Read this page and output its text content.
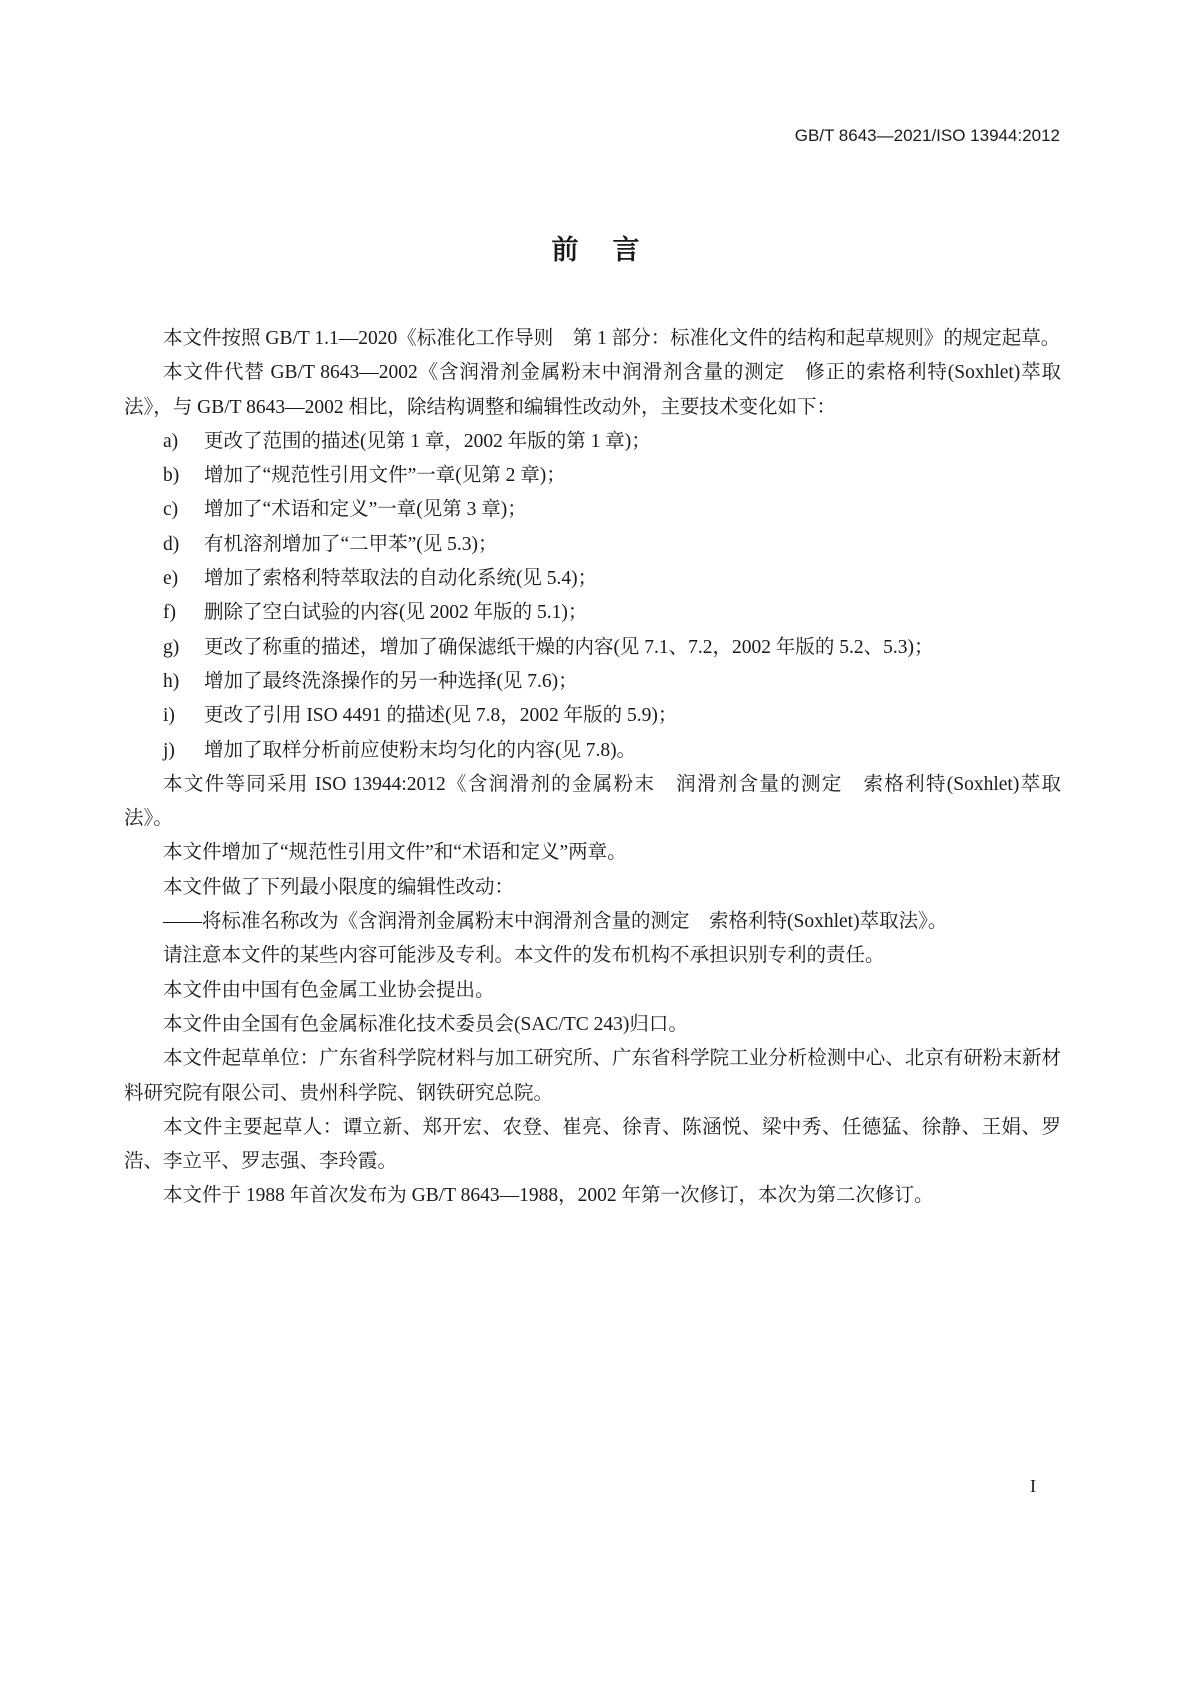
GB/T 8643—2021/ISO 13944:2012
前言

本文件按照 GB/T 1.1—2020《标准化工作导则　第 1 部分：标准化文件的结构和起草规则》的规定起草。

本文件代替 GB/T 8643—2002《含润滑剂金属粉末中润滑剂含量的测定　修正的索格利特(Soxhlet)萃取法》，与 GB/T 8643—2002 相比，除结构调整和编辑性改动外，主要技术变化如下：

a) 更改了范围的描述(见第 1 章，2002 年版的第 1 章)；

b) 增加了“规范性引用文件”一章(见第 2 章)；

c) 增加了“术语和定义”一章(见第 3 章)；

d) 有机溶剂增加了“二甲苯”(见 5.3)；

e) 增加了索格利特萃取法的自动化系统(见 5.4)；

f) 删除了空白试验的内容(见 2002 年版的 5.1)；

g) 更改了称重的描述，增加了确保滤纸干燥的内容(见 7.1、7.2，2002 年版的 5.2、5.3)；

h) 增加了最终洗涤操作的另一种选择(见 7.6)；

i) 更改了引用 ISO 4491 的描述(见 7.8，2002 年版的 5.9)；

j) 增加了取样分析前应使粉末均匀化的内容(见 7.8)。

本文件等同采用 ISO 13944:2012《含润滑剂的金属粉末　润滑剂含量的测定　索格利特(Soxhlet)萃取法》。

本文件增加了“规范性引用文件”和“术语和定义”两章。

本文件做了下列最小限度的编辑性改动：

——将标准名称改为《含润滑剂金属粉末中润滑剂含量的测定　索格利特(Soxhlet)萃取法》。

请注意本文件的某些内容可能涉及专利。本文件的发布机构不承担识别专利的责任。

本文件由中国有色金属工业协会提出。

本文件由全国有色金属标准化技术委员会(SAC/TC 243)归口。

本文件起草单位：广东省科学院材料与加工研究所、广东省科学院工业分析检测中心、北京有研粉末新材料研究院有限公司、贵州科学院、钢铁研究总院。

本文件主要起草人：谭立新、郑开宏、农登、崔亮、徐青、陈涵悦、梁中秀、任德猛、徐静、王娟、罗浩、李立平、罗志强、李玲霞。

本文件于 1988 年首次发布为 GB/T 8643—1988，2002 年第一次修订，本次为第二次修订。

I
